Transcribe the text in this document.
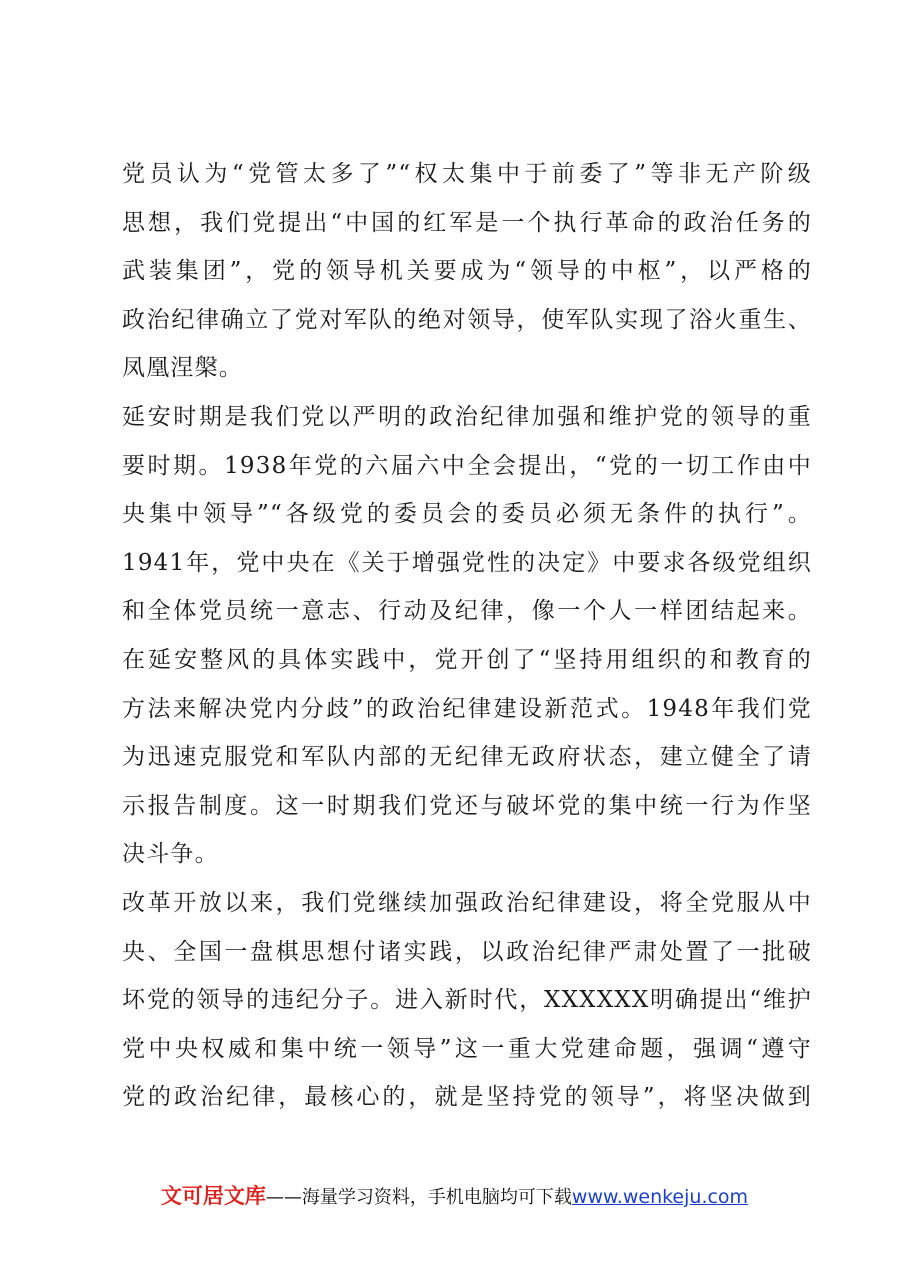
党员认为“党管太多了”“权太集中于前委了”等非无产阶级
思想，我们党提出“中国的红军是一个执行革命的政治任务的
武装集团”，党的领导机关要成为“领导的中枢”，以严格的
政治纪律确立了党对军队的绝对领导，使军队实现了浴火重生、
凤凰涅槃。
延安时期是我们党以严明的政治纪律加强和维护党的领导的重
要时期。1938年党的六届六中全会提出，“党的一切工作由中
央集中领导”“各级党的委员会的委员必须无条件的执行”。
1941年，党中央在《关于增强党性的决定》中要求各级党组织
和全体党员统一意志、行动及纪律，像一个人一样团结起来。
在延安整风的具体实践中，党开创了“坚持用组织的和教育的
方法来解决党内分歧”的政治纪律建设新范式。1948年我们党
为迅速克服党和军队内部的无纪律无政府状态，建立健全了请
示报告制度。这一时期我们党还与破坏党的集中统一行为作坚
决斗争。
改革开放以来，我们党继续加强政治纪律建设，将全党服从中
央、全国一盘棋思想付诸实践，以政治纪律严肃处置了一批破
坏党的领导的违纪分子。进入新时代，XXXXXX明确提出“维护
党中央权威和集中统一领导”这一重大党建命题，强调“遵守
党的政治纪律，最核心的，就是坚持党的领导”，将坚决做到
文可居文库——海量学习资料，手机电脑均可下载www.wenkeju.com
